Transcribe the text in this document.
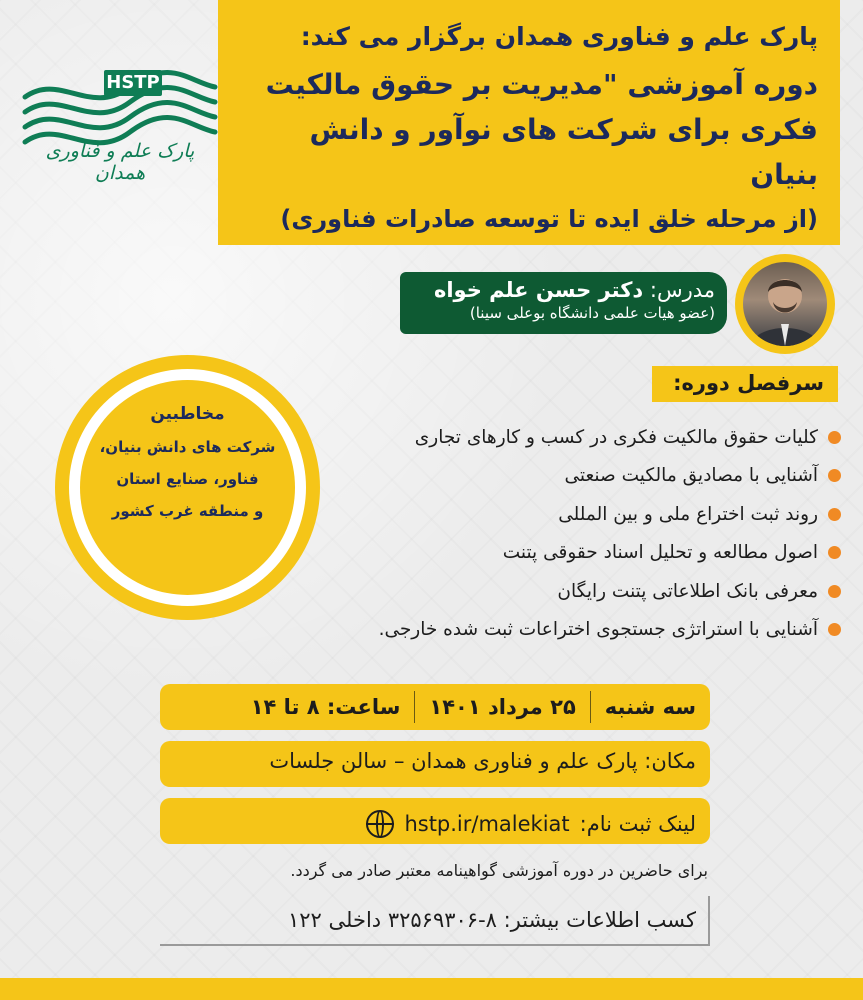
HSTP
پارک علم و فناوری همدان
پارک علم و فناوری همدان برگزار می کند:
دوره آموزشی "مدیریت بر حقوق مالکیت
فکری برای شرکت های نوآور و دانش بنیان
(از مرحله خلق ایده تا توسعه صادرات فناوری)
مدرس: دکتر حسن علم خواه
(عضو هیات علمی دانشگاه بوعلی سینا)
مخاطبین
شرکت های دانش بنیان،
فناور، صنایع استان
و منطقه غرب کشور
سرفصل دوره:
کلیات حقوق مالکیت فکری در کسب و کارهای تجاری
آشنایی با مصادیق مالکیت صنعتی
روند ثبت اختراع ملی و بین المللی
اصول مطالعه و تحلیل اسناد حقوقی پتنت
معرفی بانک اطلاعاتی پتنت رایگان
آشنایی با استراتژی جستجوی اختراعات ثبت شده خارجی.
سه شنبه
۲۵ مرداد ۱۴۰۱
ساعت: ۸ تا ۱۴
مکان: پارک علم و فناوری همدان – سالن جلسات
لینک ثبت نام:
hstp.ir/malekiat
برای حاضرین در دوره آموزشی گواهینامه معتبر صادر می گردد.
کسب اطلاعات بیشتر: ۸-۳۲۵۶۹۳۰۶ داخلی ۱۲۲
